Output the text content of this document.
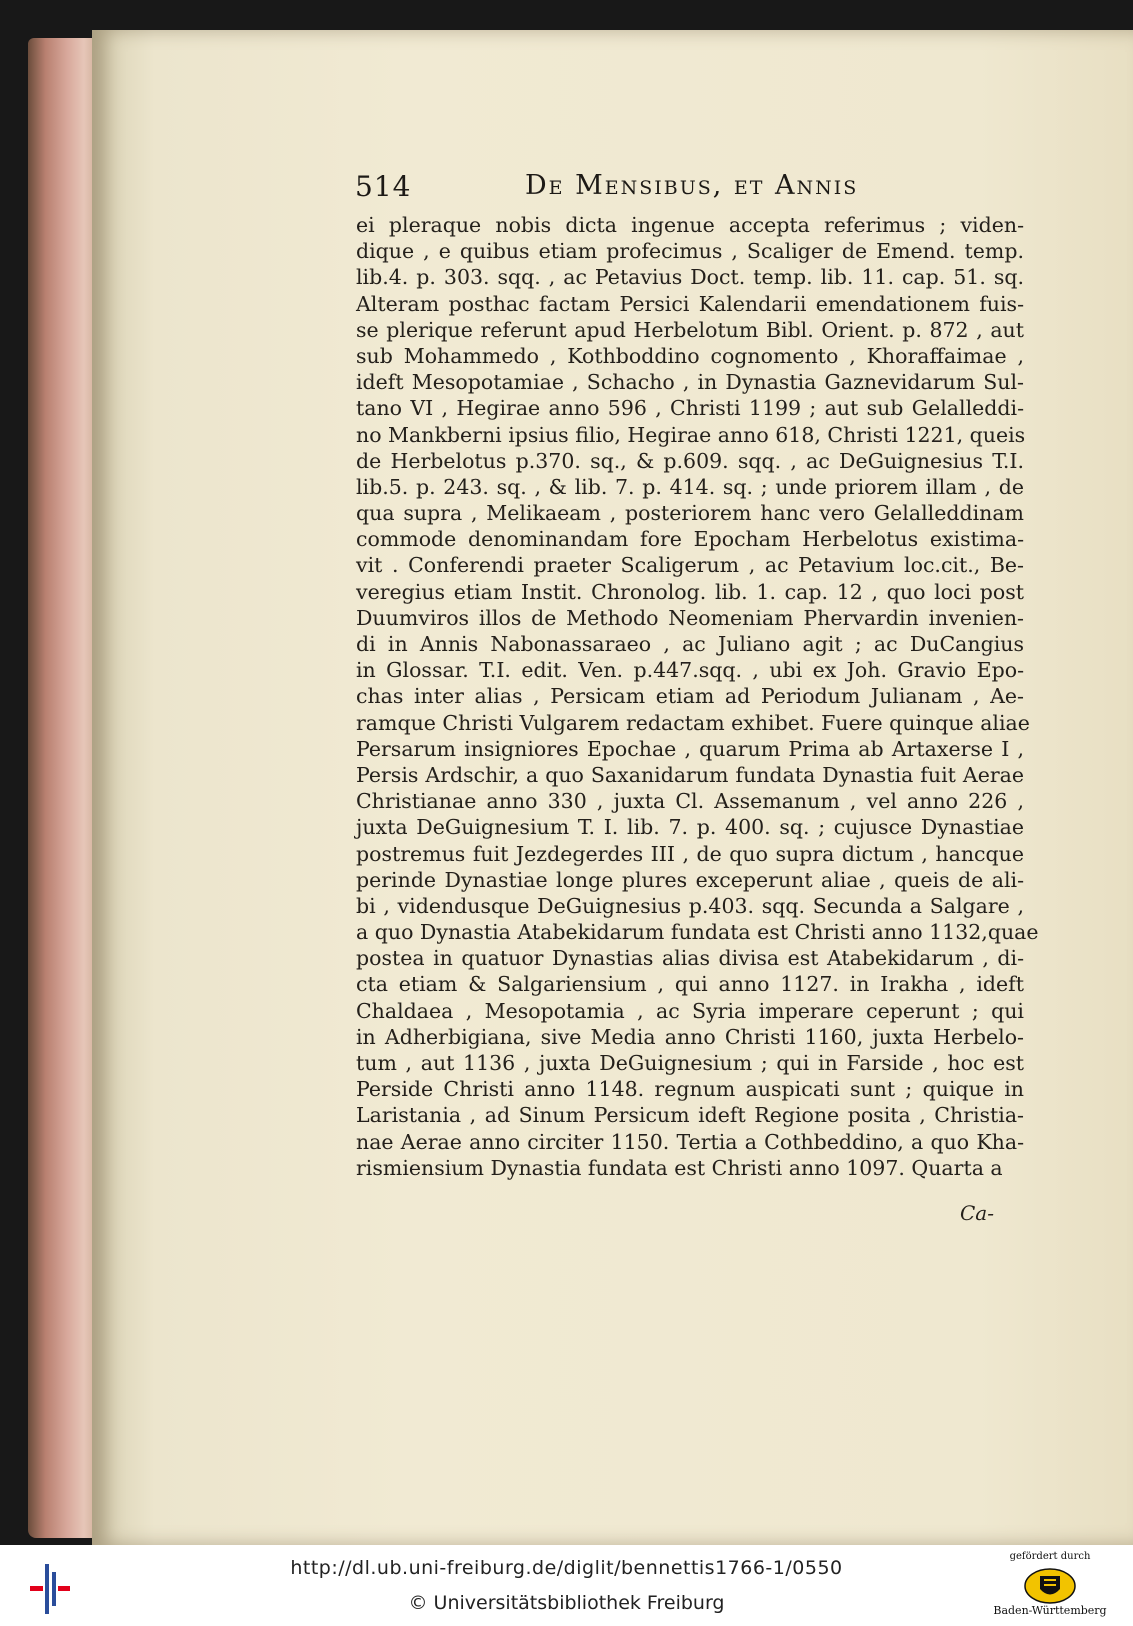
514	De Mensibus, et Annis
ei pleraque nobis dicta ingenue accepta referimus ; viden-
dique , e quibus etiam profecimus , Scaliger de Emend. temp.
lib.4. p. 303. sqq. , ac Petavius Doct. temp. lib. 11. cap. 51. sq.
Alteram posthac factam Persici Kalendarii emendationem fuis-
se plerique referunt apud Herbelotum Bibl. Orient. p. 872 , aut
sub Mohammedo , Kothboddino cognomento , Khoraffaimae ,
ideft Mesopotamiae , Schacho , in Dynastia Gaznevidarum Sul-
tano VI , Hegirae anno 596 , Christi 1199 ; aut sub Gelalleddi-
no Mankberni ipsius filio, Hegirae anno 618, Christi 1221, queis
de Herbelotus p.370. sq., & p.609. sqq. , ac DeGuignesius T.I.
lib.5. p. 243. sq. , & lib. 7. p. 414. sq. ; unde priorem illam , de
qua supra , Melikaeam , posteriorem hanc vero Gelalleddinam
commode denominandam fore Epocham Herbelotus existima-
vit . Conferendi praeter Scaligerum , ac Petavium loc.cit., Be-
veregius etiam Instit. Chronolog. lib. 1. cap. 12 , quo loci post
Duumviros illos de Methodo Neomeniam Phervardin invenien-
di in Annis Nabonassaraeo , ac Juliano agit ; ac DuCangius
in Glossar. T.I. edit. Ven. p.447.sqq. , ubi ex Joh. Gravio Epo-
chas inter alias , Persicam etiam ad Periodum Julianam , Ae-
ramque Christi Vulgarem redactam exhibet. Fuere quinque aliae
Persarum insigniores Epochae , quarum Prima ab Artaxerse I ,
Persis Ardschir, a quo Saxanidarum fundata Dynastia fuit Aerae
Christianae anno 330 , juxta Cl. Assemanum , vel anno 226 ,
juxta DeGuignesium T. I. lib. 7. p. 400. sq. ; cujusce Dynastiae
postremus fuit Jezdegerdes III , de quo supra dictum , hancque
perinde Dynastiae longe plures exceperunt aliae , queis de ali-
bi , videndusque DeGuignesius p.403. sqq. Secunda a Salgare ,
a quo Dynastia Atabekidarum fundata est Christi anno 1132,quae
postea in quatuor Dynastias alias divisa est Atabekidarum , di-
cta etiam & Salgariensium , qui anno 1127. in Irakha , ideft
Chaldaea , Mesopotamia , ac Syria imperare ceperunt ; qui
in Adherbigiana, sive Media anno Christi 1160, juxta Herbelo-
tum , aut 1136 , juxta DeGuignesium ; qui in Farside , hoc est
Perside Christi anno 1148. regnum auspicati sunt ; quique in
Laristania , ad Sinum Persicum ideft Regione posita , Christia-
nae Aerae anno circiter 1150. Tertia a Cothbeddino, a quo Kha-
rismiensium Dynastia fundata est Christi anno 1097. Quarta a
Ca-
http://dl.ub.uni-freiburg.de/diglit/bennettis1766-1/0550
© Universitätsbibliothek Freiburg
gefördert durch
Baden-Württemberg
